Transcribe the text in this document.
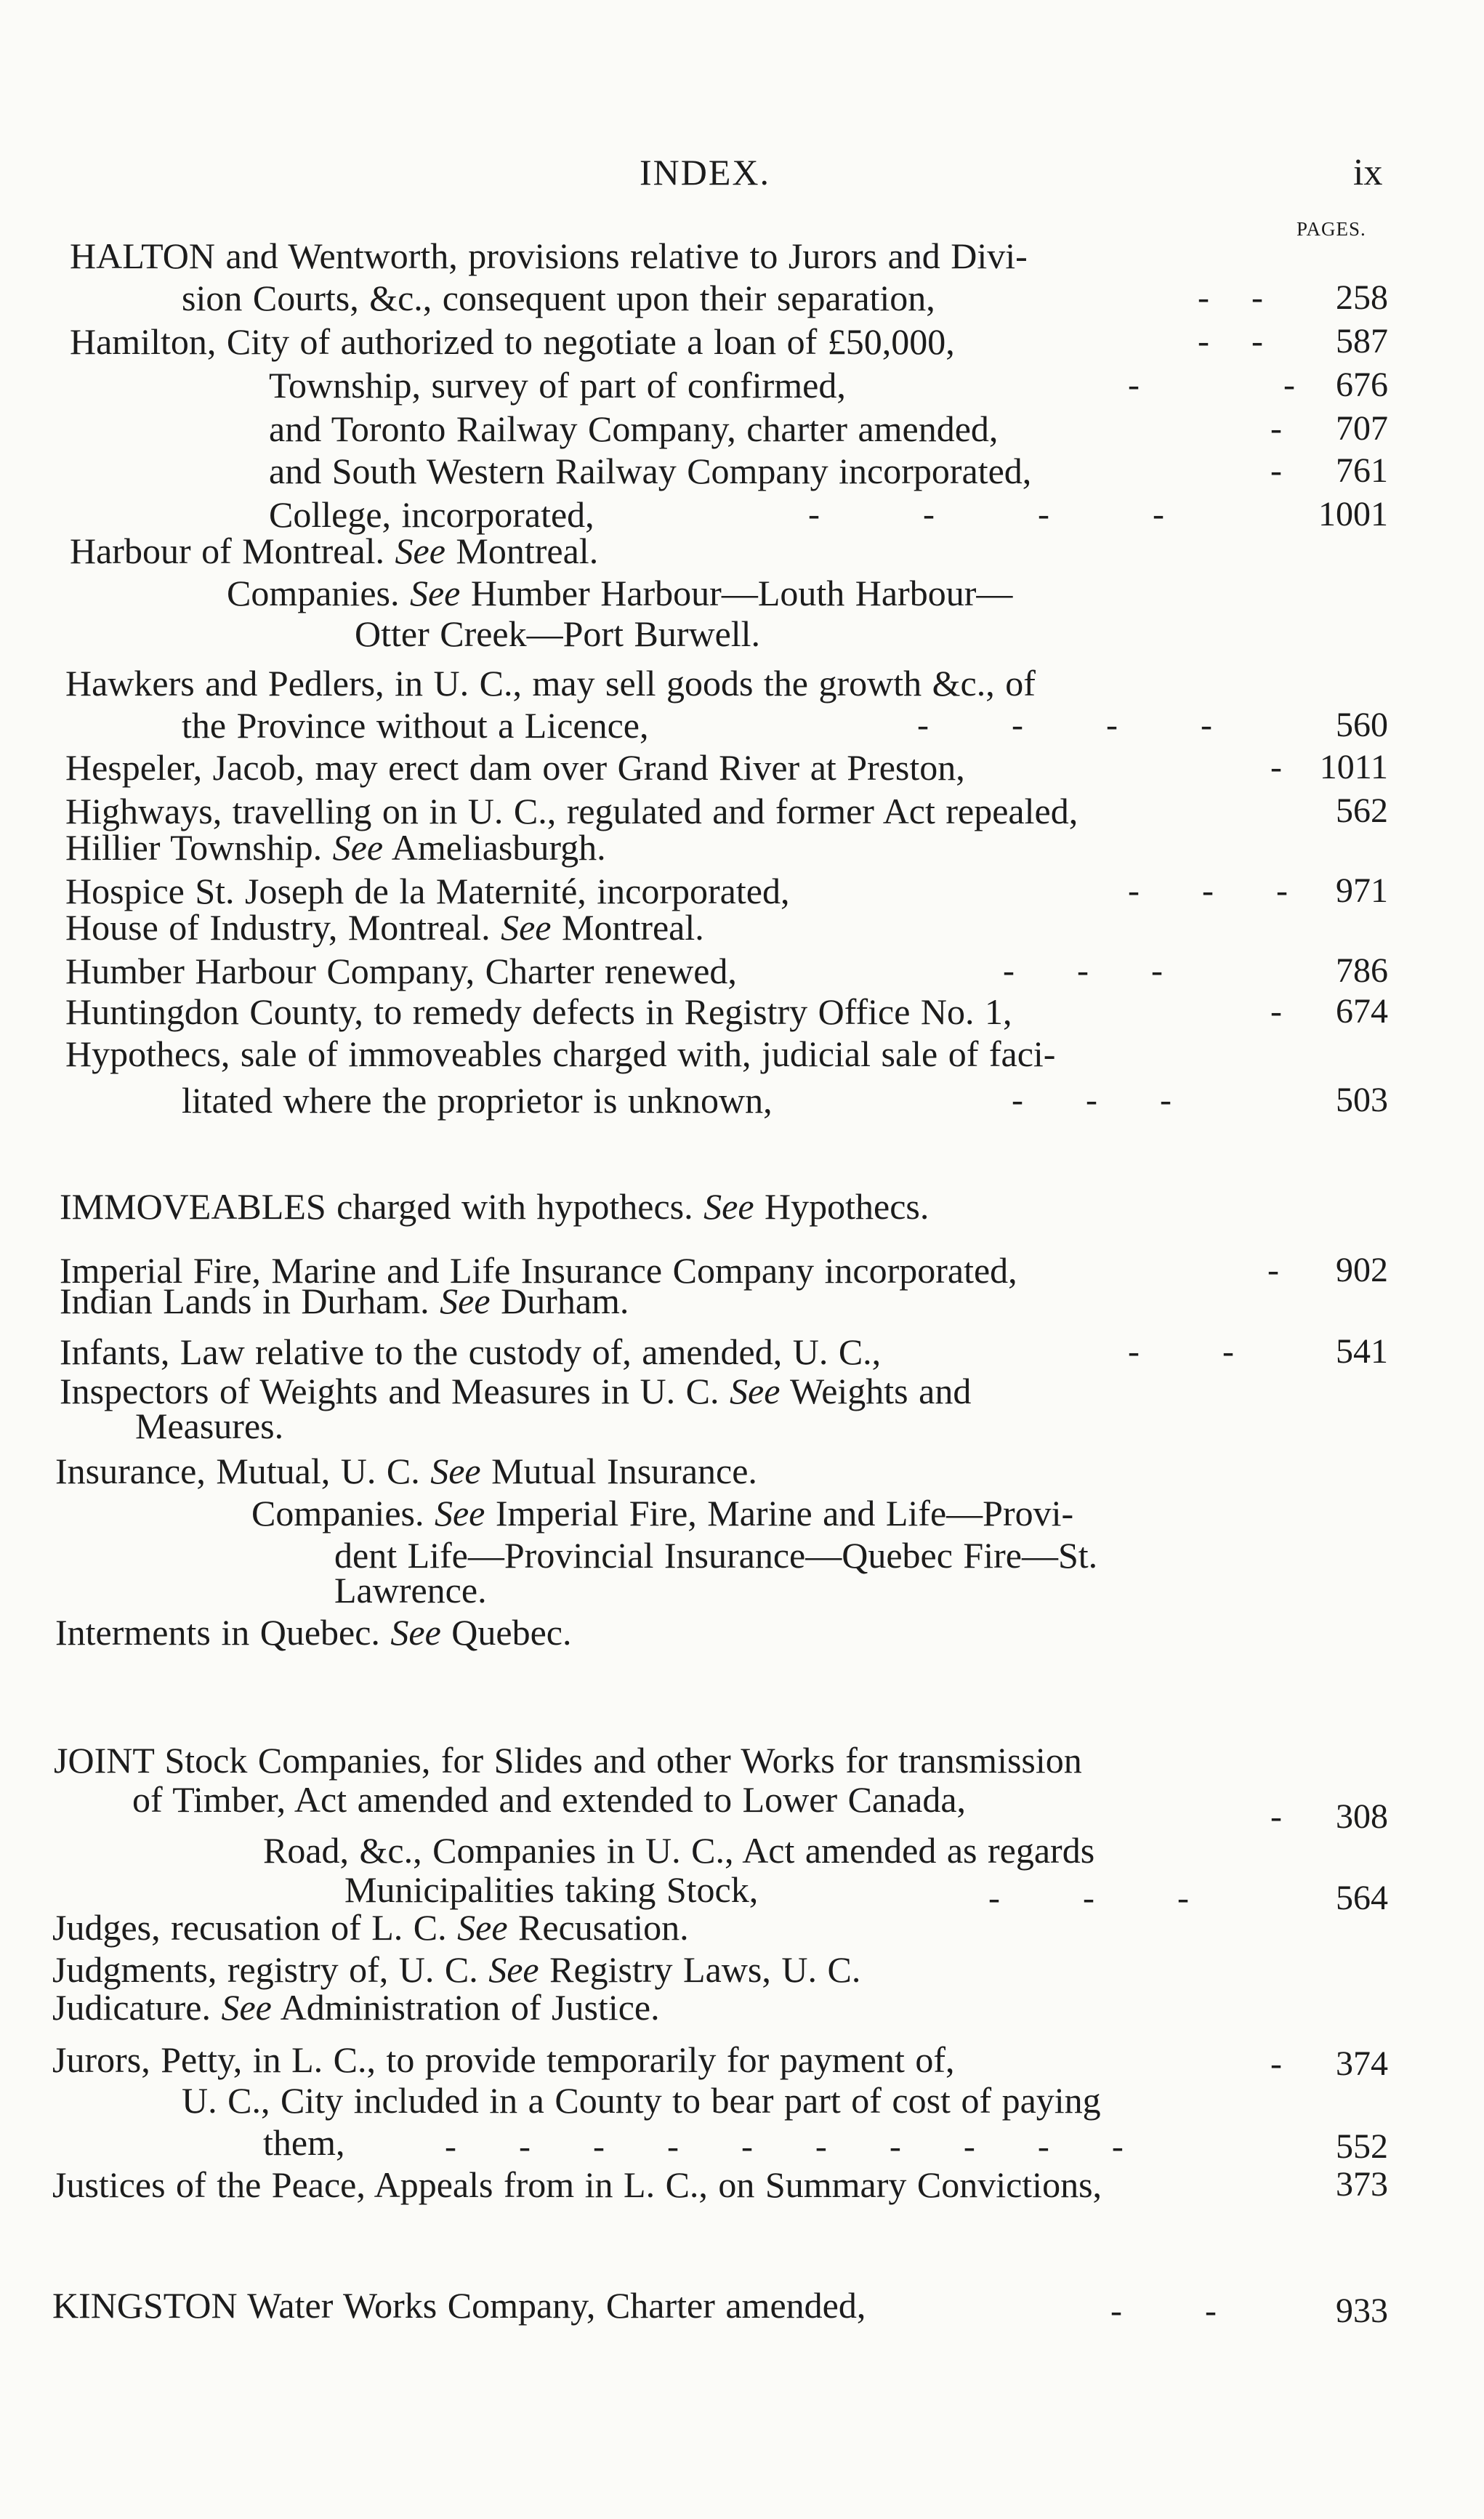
INDEX.	ix
PAGES.
HALTON and Wentworth, provisions relative to Jurors and Divi-
sion Courts, &c., consequent upon their separation,	-    -	258
Hamilton, City of authorized to negotiate a loan of £50,000,	-    -	587
Township, survey of part of confirmed,	-              -	676
and Toronto Railway Company, charter amended,	-	707
and South Western Railway Company incorporated,	-	761
College, incorporated,	-          -          -          -	1001
Harbour of Montreal. See Montreal.
Companies. See Humber Harbour—Louth Harbour—
Otter Creek—Port Burwell.
Hawkers and Pedlers, in U. C., may sell goods the growth &c., of
the Province without a Licence,	-        -        -        -	560
Hespeler, Jacob, may erect dam over Grand River at Preston,	-	1011
Highways, travelling on in U. C., regulated and former Act repealed,	562
Hillier Township. See Ameliasburgh.
Hospice St. Joseph de la Maternité, incorporated,	-      -      -	971
House of Industry, Montreal. See Montreal.
Humber Harbour Company, Charter renewed,	-      -      -	786
Huntingdon County, to remedy defects in Registry Office No. 1,	-	674
Hypothecs, sale of immoveables charged with, judicial sale of faci-
litated where the proprietor is unknown,	-      -      -	503
IMMOVEABLES charged with hypothecs. See Hypothecs.
Imperial Fire, Marine and Life Insurance Company incorporated,	-	902
Indian Lands in Durham. See Durham.
Infants, Law relative to the custody of, amended, U. C.,	-        -	541
Inspectors of Weights and Measures in U. C. See Weights and
Measures.
Insurance, Mutual, U. C. See Mutual Insurance.
Companies. See Imperial Fire, Marine and Life—Provi-
dent Life—Provincial Insurance—Quebec Fire—St.
Lawrence.
Interments in Quebec. See Quebec.
JOINT Stock Companies, for Slides and other Works for transmission
of Timber, Act amended and extended to Lower Canada,	-	308
Road, &c., Companies in U. C., Act amended as regards
Municipalities taking Stock,	-        -        -	564
Judges, recusation of L. C. See Recusation.
Judgments, registry of, U. C. See Registry Laws, U. C.
Judicature. See Administration of Justice.
Jurors, Petty, in L. C., to provide temporarily for payment of,	-	374
U. C., City included in a County to bear part of cost of paying
them,	-      -      -      -      -      -      -      -      -      -	552
Justices of the Peace, Appeals from in L. C., on Summary Convictions,	373
KINGSTON Water Works Company, Charter amended,	-        -	933
